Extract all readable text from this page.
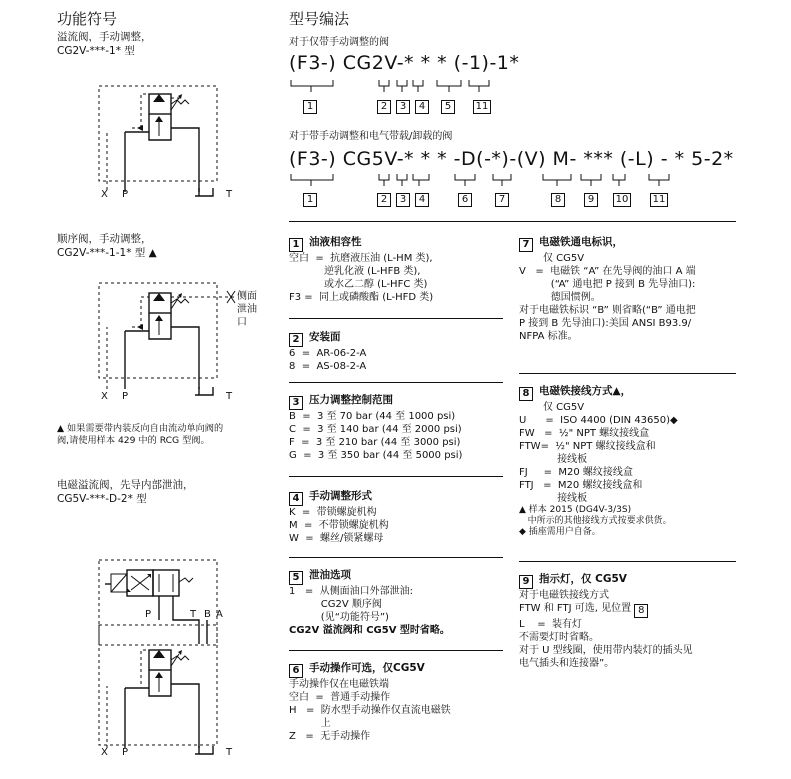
功能符号
溢流阀，手动调整，
CG2V-***-1* 型
X P	T
顺序阀，手动调整，
CG2V-***-1-1* 型 ▲
侧面泄油口
X P	T
▲ 如果需要带内装反向自由流动单向阀的
阀,请使用样本 429 中的 RCG 型阀。
电磁溢流阀，先导内部泄油，
CG5V-***-D-2* 型
P	T B A
X P	T
型号编法
对于仅带手动调整的阀
(F3-) CG2V-* * * (-1)-1*
1	2	3	4	5	11
对于带手动调整和电气带载/卸载的阀
(F3-) CG5V-* * * -D(-*)-(V) M- *** (-L) - * 5-2*
1	2	3	4	6	7	8	9	10 11
1 油液相容性
空白  =  抗磨液压油 (L-HM 类),
逆乳化液 (L-HFB 类),
或水乙二醇 (L-HFC 类)
F3 =  同上或磷酸酯 (L-HFD 类)
2 安装面
6  =  AR-06-2-A
8  =  AS-08-2-A
3 压力调整控制范围
B  =  3 至 70 bar (44 至 1000 psi)
C  =  3 至 140 bar (44 至 2000 psi)
F  =  3 至 210 bar (44 至 3000 psi)
G  =  3 至 350 bar (44 至 5000 psi)
4 手动调整形式
K  =  带锁螺旋机构
M  =  不带锁螺旋机构
W  =  螺丝/锁紧螺母
5 泄油选项
1   =  从侧面油口外部泄油:
CG2V 顺序阀
(见“功能符号”)
CG2V 溢流阀和 CG5V 型时省略。
6 手动操作可选，仅CG5V
手动操作仅在电磁铁端
空白  =  普通手动操作
H   =  防水型手动操作仅直流电磁铁
上
Z   =  无手动操作
7 电磁铁通电标识，
仅 CG5V
V   =  电磁铁 “A” 在先导阀的油口 A 端
(“A” 通电把 P 接到 B 先导油口):
德国惯例。
对于电磁铁标识 “B” 则省略(“B” 通电把
P 接到 B 先导油口):美国 ANSI B93.9/
NFPA 标准。
8 电磁铁接线方式▲，
仅 CG5V
U      =  ISO 4400 (DIN 43650)◆
FW   =  ½" NPT 螺纹接线盒
FTW=  ½" NPT 螺纹接线盒和
接线板
FJ     =  M20 螺纹接线盒
FTJ   =  M20 螺纹接线盒和
接线板
▲ 样本 2015 (DG4V-3/3S)
中所示的其他接线方式按要求供货。
◆ 插座需用户自备。
9 指示灯，仅 CG5V
对于电磁铁接线方式
FTW 和 FTJ 可选, 见位置 8
L    =  装有灯
不需要灯时省略。
对于 U 型线圈，使用带内装灯的插头见
电气插头和连接器”。
